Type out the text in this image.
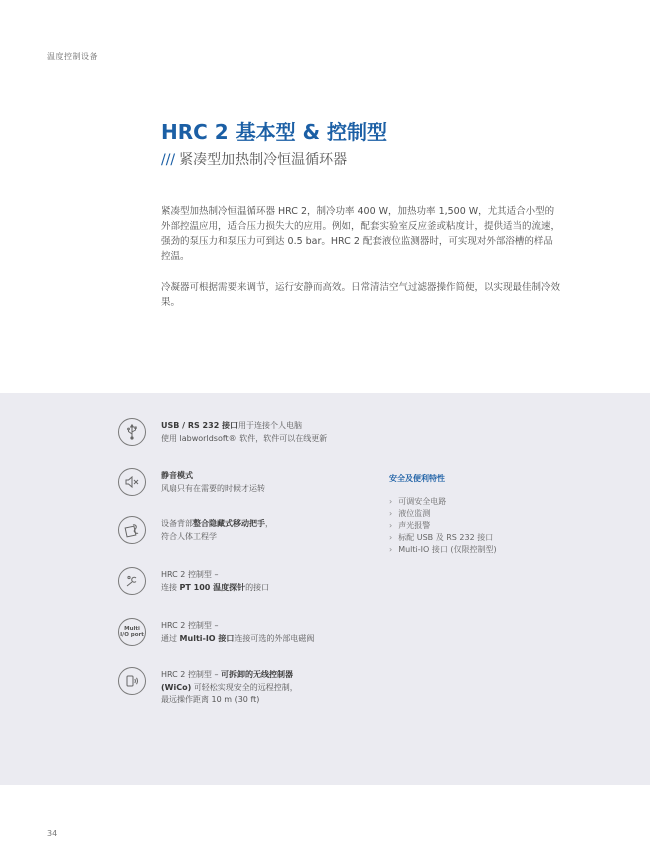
温度控制设备
HRC 2 基本型 & 控制型
/// 紧凑型加热制冷恒温循环器
紧凑型加热制冷恒温循环器 HRC 2，制冷功率 400 W，加热功率 1,500 W，尤其适合小型的外部控温应用，适合压力损失大的应用。例如，配套实验室反应釜或粘度计，提供适当的流速，强劲的泵压力和泵压力可到达 0.5 bar。HRC 2 配套液位监测器时，可实现对外部浴槽的样品控温。
冷凝器可根据需要来调节，运行安静而高效。日常清洁空气过滤器操作简便，以实现最佳制冷效果。
USB / RS 232 接口用于连接个人电脑
使用 labworldsoft® 软件，软件可以在线更新
静音模式
风扇只有在需要的时候才运转
设备背部整合隐藏式移动把手，
符合人体工程学
HRC 2 控制型 –
连接 PT 100 温度探针的接口
Multi
I/O port
HRC 2 控制型 –
通过 Multi-IO 接口连接可选的外部电磁阀
HRC 2 控制型 – 可拆卸的无线控制器
(WiCo) 可轻松实现安全的远程控制，
最远操作距离 10 m (30 ft)
安全及便利特性
› 可调安全电路
› 液位监测
› 声光报警
› 标配 USB 及 RS 232 接口
› Multi-IO 接口 (仅限控制型)
34
